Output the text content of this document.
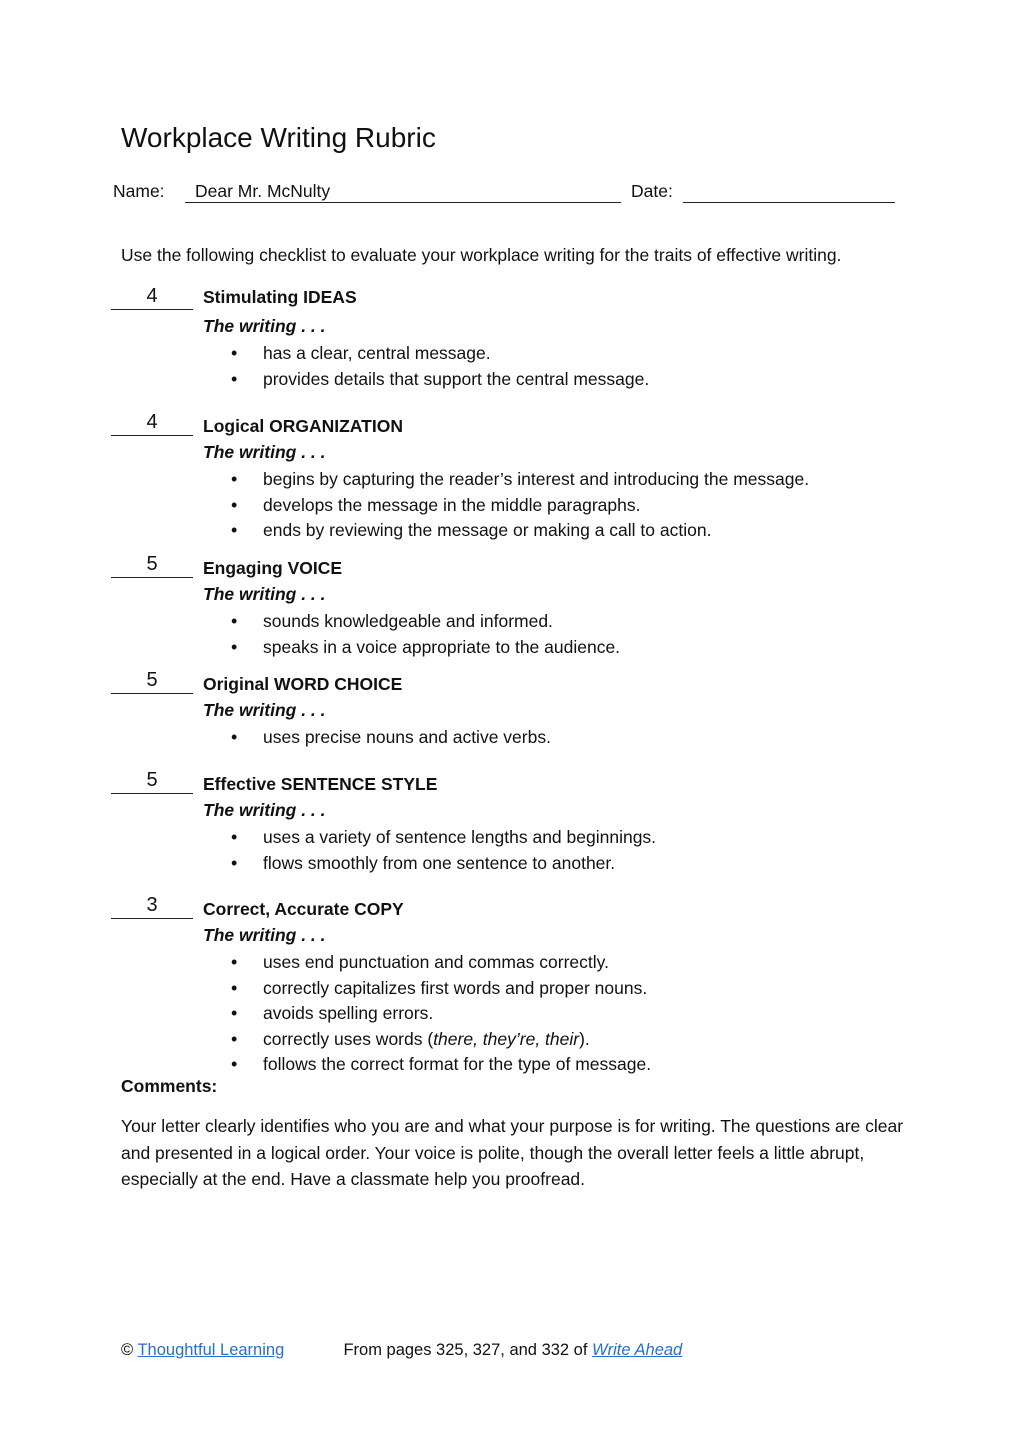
Workplace Writing Rubric
Name: Dear Mr. McNulty	Date:
Use the following checklist to evaluate your workplace writing for the traits of effective writing.
4	Stimulating IDEAS
The writing . . .
• has a clear, central message.
• provides details that support the central message.
4	Logical ORGANIZATION
The writing . . .
• begins by capturing the reader’s interest and introducing the message.
• develops the message in the middle paragraphs.
• ends by reviewing the message or making a call to action.
5	Engaging VOICE
The writing . . .
• sounds knowledgeable and informed.
• speaks in a voice appropriate to the audience.
5	Original WORD CHOICE
The writing . . .
• uses precise nouns and active verbs.
5	Effective SENTENCE STYLE
The writing . . .
• uses a variety of sentence lengths and beginnings.
• flows smoothly from one sentence to another.
3	Correct, Accurate COPY
The writing . . .
• uses end punctuation and commas correctly.
• correctly capitalizes first words and proper nouns.
• avoids spelling errors.
• correctly uses words (there, they’re, their).
• follows the correct format for the type of message.
Comments:
Your letter clearly identifies who you are and what your purpose is for writing. The questions are clear and presented in a logical order. Your voice is polite, though the overall letter feels a little abrupt, especially at the end. Have a classmate help you proofread.
© Thoughtful Learning	From pages 325, 327, and 332 of Write Ahead
